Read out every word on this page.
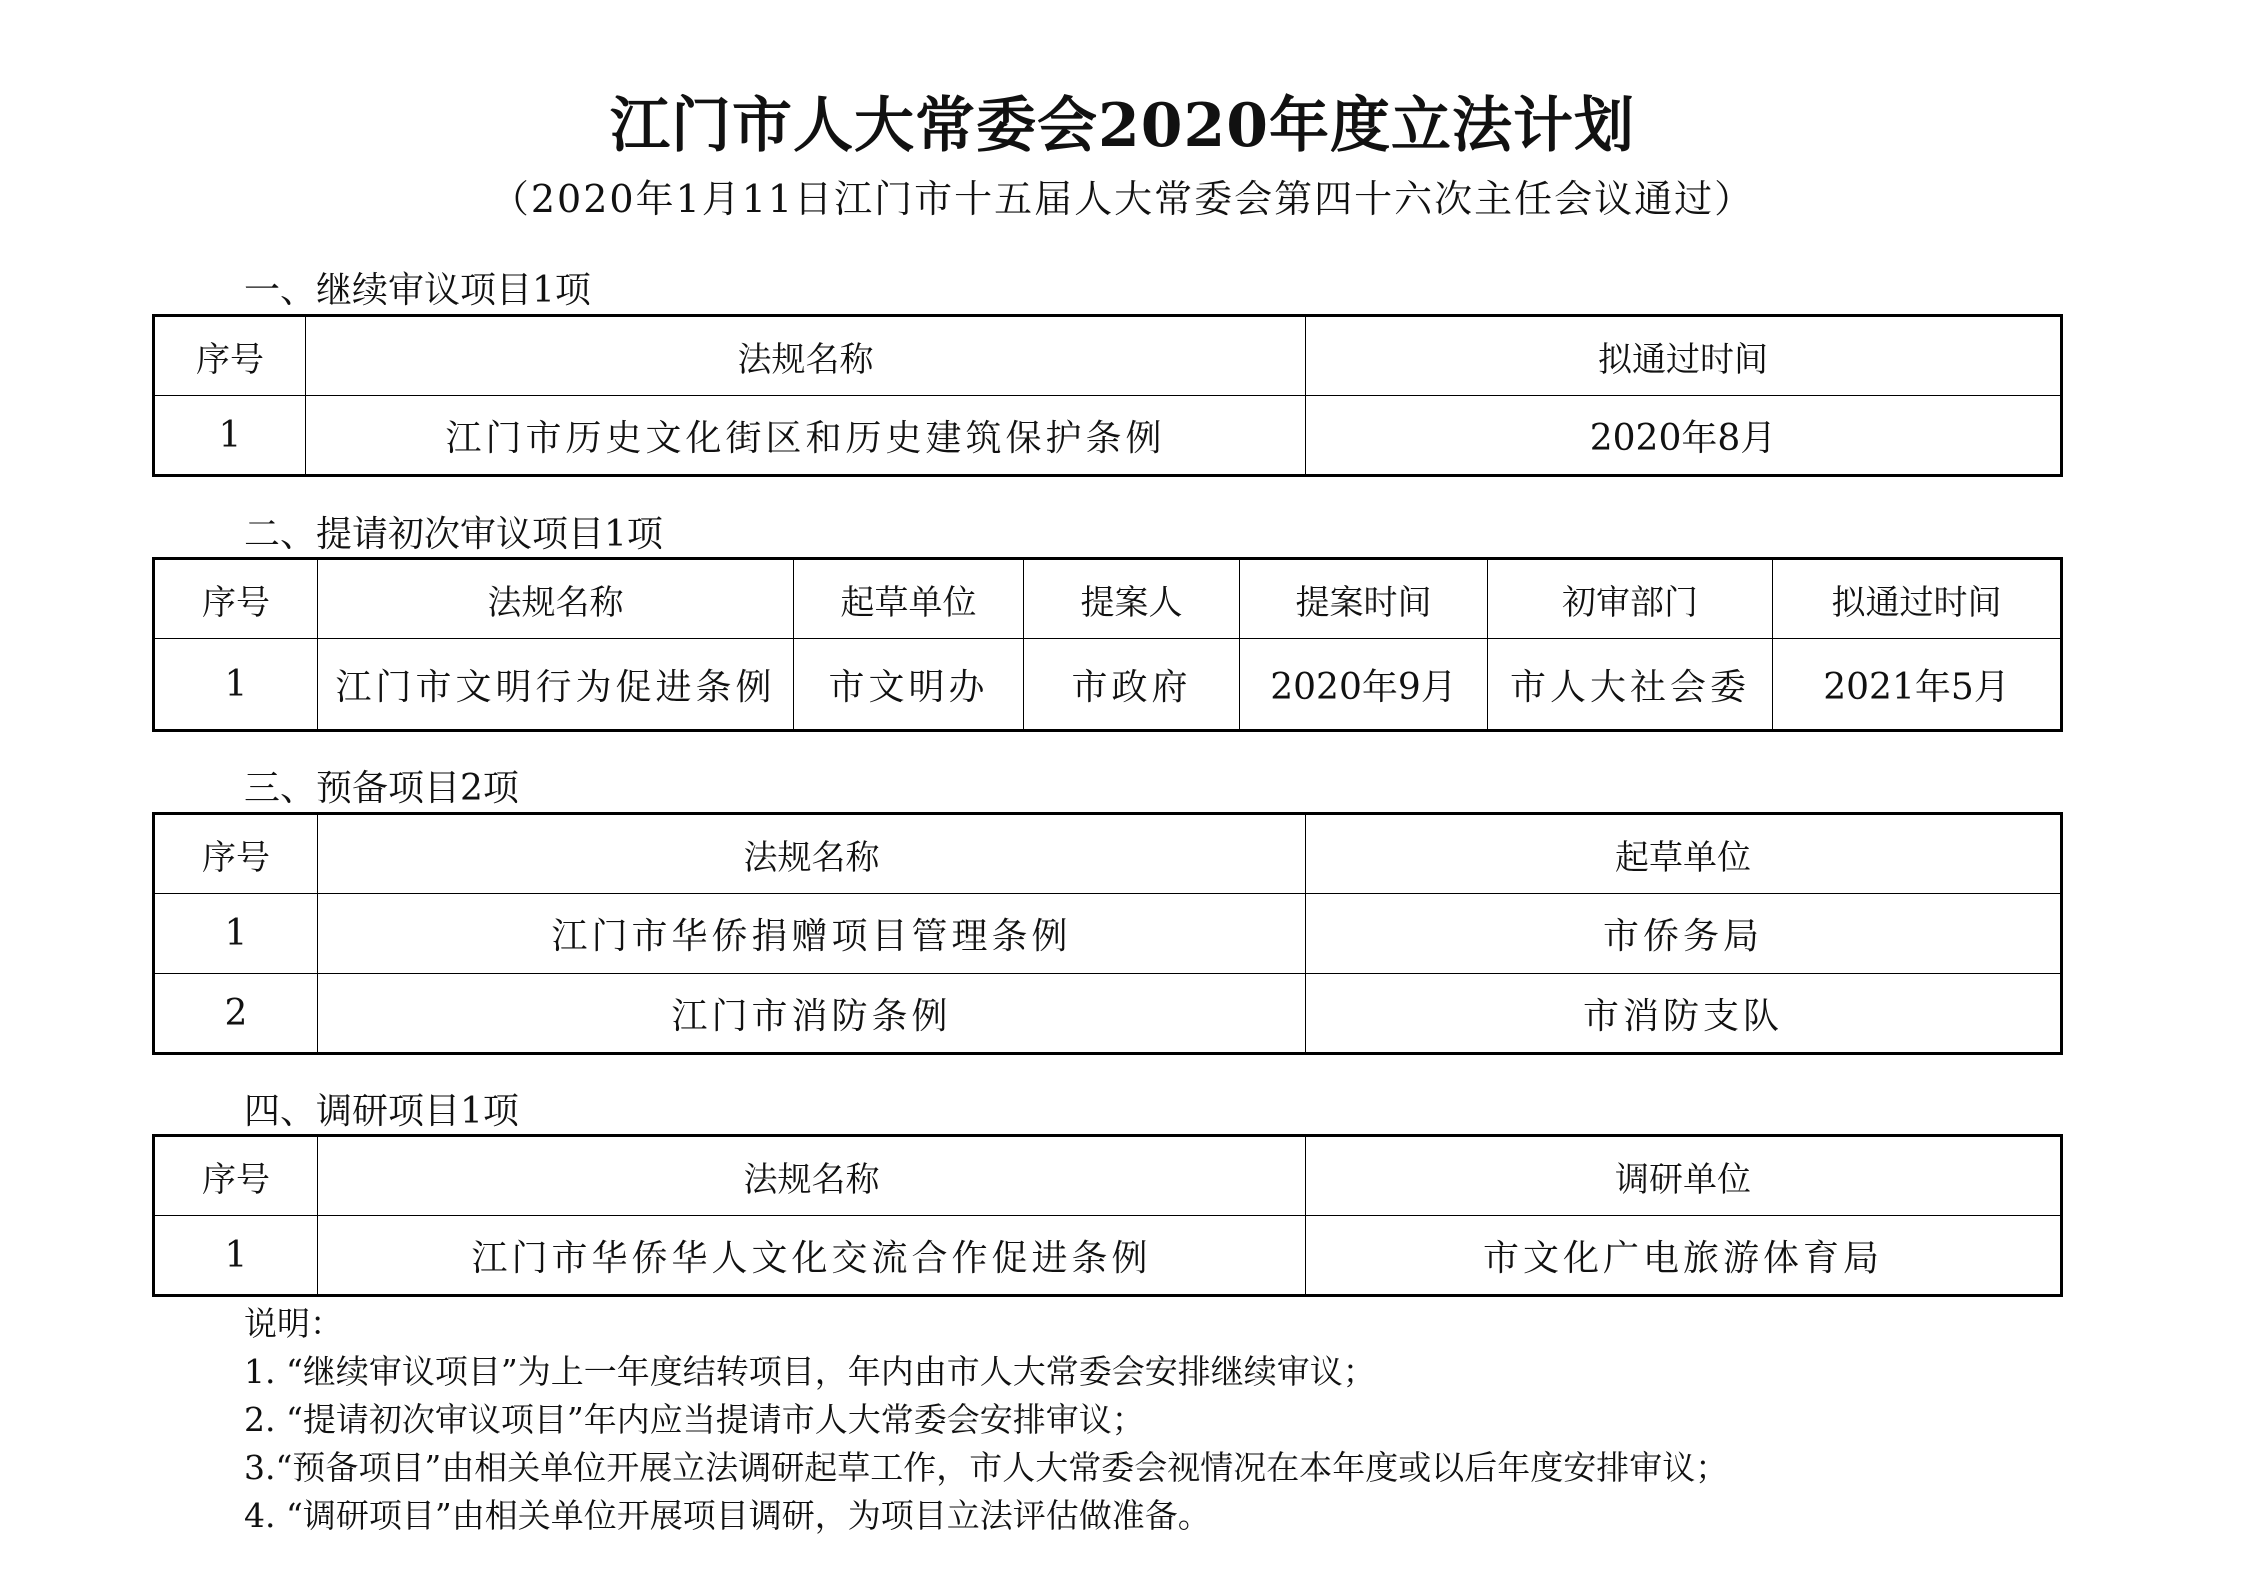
江门市人大常委会2020年度立法计划
（2020年1月11日江门市十五届人大常委会第四十六次主任会议通过）
一、继续审议项目1项
序号	法规名称	拟通过时间
1	江门市历史文化街区和历史建筑保护条例	2020年8月
二、提请初次审议项目1项
序号	法规名称	起草单位	提案人	提案时间	初审部门	拟通过时间
1	江门市文明行为促进条例	市文明办	市政府	2020年9月	市人大社会委	2021年5月
三、预备项目2项
序号	法规名称	起草单位
1	江门市华侨捐赠项目管理条例	市侨务局
2	江门市消防条例	市消防支队
四、调研项目1项
序号	法规名称	调研单位
1	江门市华侨华人文化交流合作促进条例	市文化广电旅游体育局
说明：
1. “继续审议项目”为上一年度结转项目，年内由市人大常委会安排继续审议；
2. “提请初次审议项目”年内应当提请市人大常委会安排审议；
3.“预备项目”由相关单位开展立法调研起草工作，市人大常委会视情况在本年度或以后年度安排审议；
4. “调研项目”由相关单位开展项目调研，为项目立法评估做准备。
